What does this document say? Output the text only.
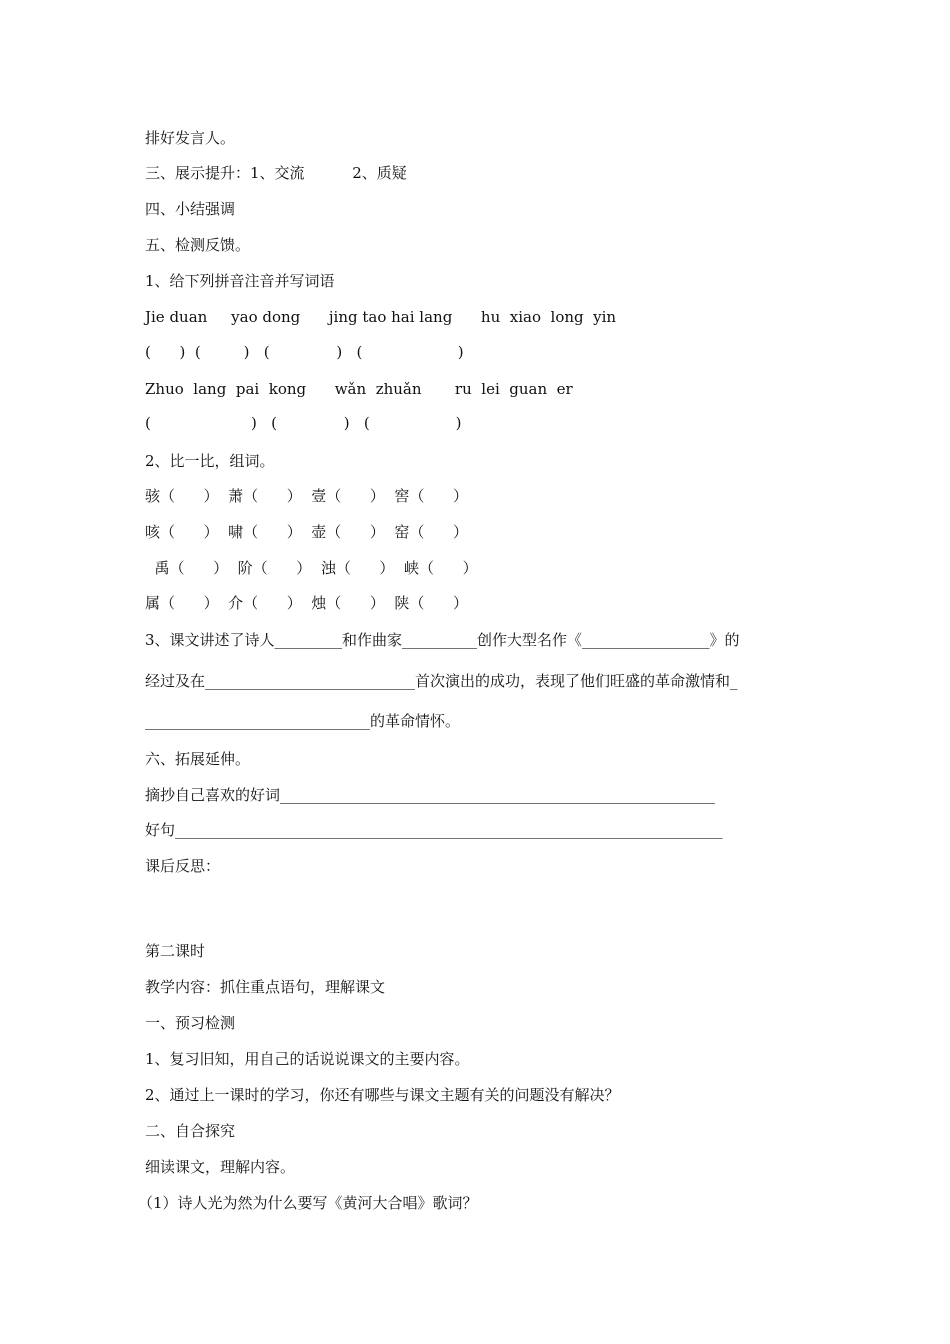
排好发言人。
三、展示提升：1、交流          2、质疑
四、小结强调
五、检测反馈。
1、给下列拼音注音并写词语
Jie duan     yao dong      jing tao hai lang      hu  xiao  long  yin
(      )  (         )   (              )   (                    )
Zhuo  lang  pai  kong      wǎn  zhuǎn       ru  lei  guan  er
(                     )   (              )   (                  )
2、比一比，组词。
骇（      ）  萧（      ）  壹（      ）  窖（      ）
咳（      ）  啸（      ）  壶（      ）  窑（      ）
禹（      ）  阶（      ）  浊（      ）  峡（      ）
属（      ）  介（      ）  烛（      ）  陕（      ）
3、课文讲述了诗人_________和作曲家__________创作大型名作《_________________》的
经过及在____________________________首次演出的成功，表现了他们旺盛的革命激情和_
______________________________的革命情怀。
六、拓展延伸。
摘抄自己喜欢的好词__________________________________________________________
好句_________________________________________________________________________
课后反思：
第二课时
教学内容：抓住重点语句，理解课文
一、预习检测
1、复习旧知，用自己的话说说课文的主要内容。
2、通过上一课时的学习，你还有哪些与课文主题有关的问题没有解决？
二、自合探究
细读课文，理解内容。
（1）诗人光为然为什么要写《黄河大合唱》歌词？
